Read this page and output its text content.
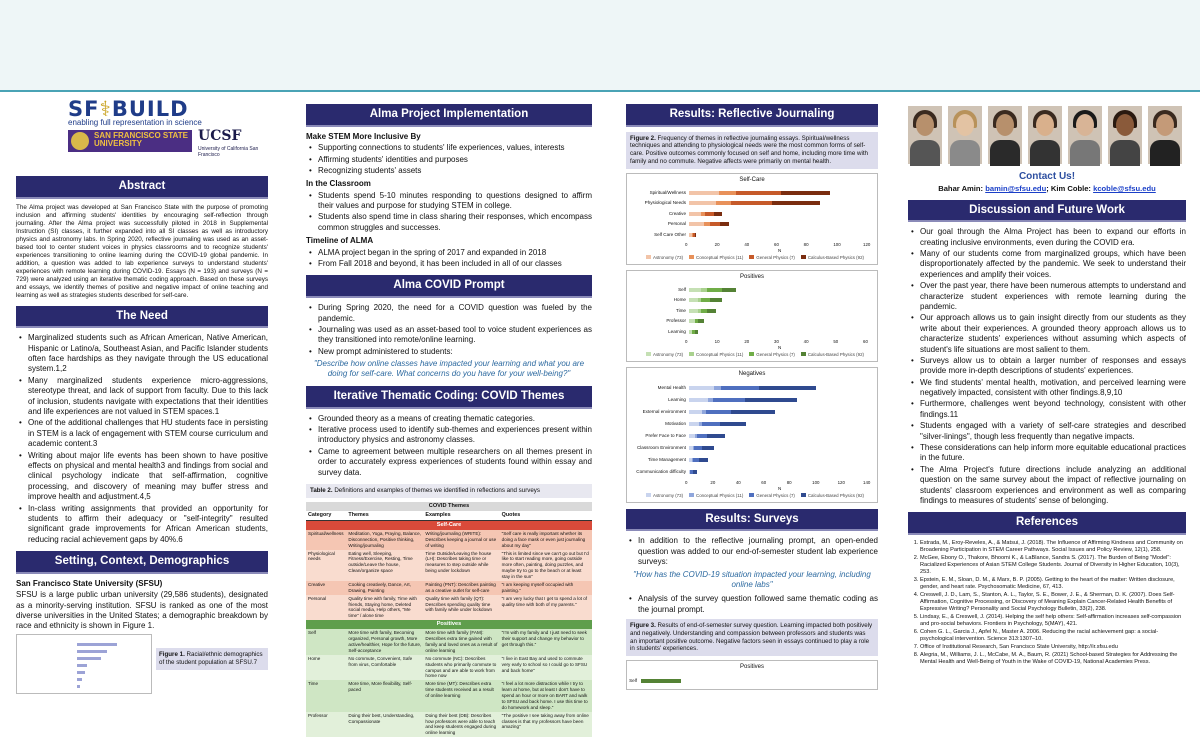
SF⚕BUILD
enabling full representation in science
SAN FRANCISCO STATE UNIVERSITY	UCSF
University of California San Francisco
Abstract

The Alma project was developed at San Francisco State with the purpose of promoting inclusion and affirming students' identities by encouraging self-reflection through journaling. After the Alma project was successfully piloted in 2018 in Supplemental Instruction (SI) classes, it further expanded into all SI classes as well as introductory physics and astronomy labs. In Spring 2020, reflective journaling was used as an asset-based tool to center student voices in physics classrooms and to recognize students' experiences transitioning to online learning during the COVID-19 global pandemic. In addition, a question was added to lab experience surveys to understand students' experiences with remote learning during COVID-19. Essays (N = 193) and surveys (N = 729) were analyzed using an iterative thematic coding approach. Based on these surveys and essays, we identify themes of positive and negative impact of online teaching and learning as well as strategies students described for self-care.

The Need
• Marginalized students such as African American, Native American, Hispanic or Latino/a, Southeast Asian, and Pacific Islander students often face hardships as they navigate through the US educational system.1,2
• Many marginalized students experience micro-aggressions, stereotype threat, and lack of support from faculty. Due to this lack of inclusion, students navigate with expectations that their identities and life experiences are not valued in STEM spaces.1
• One of the additional challenges that HU students face in persisting in STEM is a lack of engagement with STEM course curriculum and academic content.3
• Writing about major life events has been shown to have positive effects on physical and mental health3 and findings from social and clinical psychology indicate that self-affirmation, cognitive processing, and discovery of meaning may buffer stress and improve health and adjustment.4,5
• In-class writing assignments that provided an opportunity for students to affirm their adequacy or "self-integrity" resulted significant grade improvements for African American students, reducing racial achievement gaps by 40%.6
Setting, Context, Demographics
San Francisco State University (SFSU)

SFSU is a large public urban university (29,586 students), designated as a minority-serving institution. SFSU is ranked as one of the most diverse universities in the United States; a demographic breakdown by race and ethnicity is shown in Figure 1.

Figure 1. Racial/ethnic demographics of the student population at SFSU.7
Alma Project Implementation
Make STEM More Inclusive By
• Supporting connections to students' life experiences, values, interests
• Affirming students' identities and purposes
• Recognizing students' assets
In the Classroom
• Students spend 5-10 minutes responding to questions designed to affirm their values and purpose for studying STEM in college.
• Students also spend time in class sharing their responses, which encompass common struggles and successes.
Timeline of ALMA
• ALMA project began in the spring of 2017 and expanded in 2018
• From Fall 2018 and beyond, it has been included in all of our classes
Alma COVID Prompt
• During Spring 2020, the need for a COVID question was fueled by the pandemic.
• Journaling was used as an asset-based tool to voice student experiences as they transitioned into remote/online learning.
• New prompt administered to students:
"Describe how online classes have impacted your learning and what you are doing for self-care. What concerns do you have for your well-being?"
Iterative Thematic Coding: COVID Themes
• Grounded theory as a means of creating thematic categories.
• Iterative process used to identify sub-themes and experiences present within introductory physics and astronomy classes.
• Came to agreement between multiple researchers on all themes present in order to accurately express experiences of students found within essay and survey data.
Table 2. Definitions and examples of themes we identified in reflections and surveys
COVID Themes			
Category	Themes	Examples	Quotes
Self-Care			
Spiritual/wellness	Meditation, Yoga, Praying, Balance, Disconnection, Positive thinking, Writing/journaling	Writing/journaling (WRITE): Describes keeping a journal or use of writing	"Self care is really important whether its doing a face mask or even just journaling about my day"
Physiological needs	Eating well, Sleeping, Fitness/Exercise, Resting, Time outside/Leave the house, Clean/organize space	Time Outside/Leaving the house (LH): Describes taking time or measures to step outside while being under lockdown	"This is limited since we can't go out but I'd like to start reading more, going outside more often, painting, doing puzzles, and maybe try to go to the beach or at least stay in the sun"
Creative	Cooking creatively, Dance, Art, Drawing, Painting	Painting (PNT): Describes painting as a creative outlet for self-care	"I am keeping myself occupied with painting."
Personal	Quality time with family, Time with friends, Staying home, Deleted social media, Help others, "Me time" / alone time	Quality time with family (QT): Describes spending quality time with family while under lockdown	"I am very lucky that I get to spend a lot of quality time with both of my parents."
Positives			
Self	More time with family, Becoming organized, Personal growth, More active/healthier, Hope for the future, Self-acceptance	More time with family (FAM): Describes extra time gained with family and loved ones as a result of online learning	"I'm with my family and I just need to seek their support and change my behavior to get through this."
Home	No commute, Convenient, Safe from virus, Comfortable	No commute (NC): Describes students who primarily commute to campus and are able to work from home now	"I live in East Bay and used to commute very early to school so I could go to SFSU and back home"
Time	More time, More flexibility, Self-paced	More time (MT): Describes extra time students received as a result of online learning	"I feel a lot more distraction while I try to learn at home, but at least I don't have to spend an hour or more on BART and walk to SFSU and back home. I use this time to do homework and sleep."
Professor	Doing their best, Understanding, Compassionate	Doing their best (DB): Describes how professors were able to teach and keep students engaged during online learning	"The positive I see taking away from online classes is that my professors have been amazing"
Results: Reflective Journaling
Figure 2. Frequency of themes in reflective journaling essays. Spiritual/wellness techniques and attending to physiological needs were the most common forms of self-care. Positive outcomes commonly focused on self and home, including more time with family and no commute. Negative affects were primarily on mental health.
Self-Care
Spiritual/Wellness
Physiological Needs
Creative
Personal
Self Care Other
0	20	40	60	80	100	120
N
Astronomy (73)	Conceptual Physics (11)	General Physics (7)	Calculus-Based Physics (92)
Positives
Self
Home
Time
Professor
Learning
0	10	20	30	40	50	60
N
Astronomy (73)	Conceptual Physics (11)	General Physics (7)	Calculus-Based Physics (92)
Negatives
Mental Health
Learning
External environment
Motivation
Prefer Face to Face
Classroom Environment
Time Management
Communication difficulty
0	20	40	60	80	100	120	140
N
Astronomy (73)	Conceptual Physics (11)	General Physics (7)	Calculus-Based Physics (92)
Results: Surveys
• In addition to the reflective journaling prompt, an open-ended question was added to our end-of-semester student lab experience surveys:
"How has the COVID-19 situation impacted your learning, including online labs"
• Analysis of the survey question followed same thematic coding as the journal prompt.
Figure 3. Results of end-of-semester survey question. Learning impacted both positively and negatively. Understanding and compassion between professors and students was an important positive outcome. Negative factors seen in essays continued to play a role in students' experiences.
Positives
Self
Contact Us!
Bahar Amin: bamin@sfsu.edu; Kim Coble: kcoble@sfsu.edu
Discussion and Future Work
• Our goal through the Alma Project has been to expand our efforts in creating inclusive environments, even during the COVID era.
• Many of our students come from marginalized groups, which have been disproportionately affected by the pandemic. We seek to understand their experiences and amplify their voices.
• Over the past year, there have been numerous attempts to understand and characterize student experiences with remote learning during the pandemic.
• Our approach allows us to gain insight directly from our students as they write about their experiences. A grounded theory approach allows us to characterize students' experiences without assuming which aspects of student's life situations are most salient to them.
• Surveys allow us to obtain a larger number of responses and essays provide more in-depth descriptions of students' experiences.
• We find students' mental health, motivation, and perceived learning were negatively impacted, consistent with other findings.8,9,10
• Furthermore, challenges went beyond technology, consistent with other findings.11
• Students engaged with a variety of self-care strategies and described "silver-linings", though less frequently than negative impacts.
• These considerations can help inform more equitable educational practices in the future.
• The Alma Project's future directions include analyzing an additional question on the same survey about the impact of reflective journaling on students' classroom experiences and environment as well as comparing findings to measures of students' sense of belonging.
References
1. Estrada, M., Eroy-Reveles, A., & Matsui, J. (2018). The Influence of Affirming Kindness and Community on Broadening Participation in STEM Career Pathways. Social Issues and Policy Review, 12(1), 258.
2. McGee, Ebony O., Thakore, Bhoomi K., & LaBlance, Sandra S. (2017). The Burden of Being "Model": Racialized Experiences of Asian STEM College Students. Journal of Diversity in Higher Education, 10(3), 253.
3. Epstein, E. M., Sloan, D. M., & Marx, B. P. (2005). Getting to the heart of the matter: Written disclosure, gender, and heart rate. Psychosomatic Medicine, 67, 413.
4. Creswell, J. D., Lam, S., Stanton, A. L., Taylor, S. E., Bower, J. E., & Sherman, D. K. (2007). Does Self-Affirmation, Cognitive Processing, or Discovery of Meaning Explain Cancer-Related Health Benefits of Expressive Writing? Personality and Social Psychology Bulletin, 33(2), 238.
5. Lindsay, E., & Creswell, J. (2014). Helping the self help others: Self-affirmation increases self-compassion and pro-social behaviors. Frontiers in Psychology, 5(MAY), 421.
6. Cohen G. L., Garcia J., Apfel N., Master A. 2006. Reducing the racial achievement gap: a social-psychological intervention. Science 313:1307–10.
7. Office of Institutional Research, San Francisco State University, http://ir.sfsu.edu
8. Alegria, M., Williams, J. L., McCabe, M. A., Baum, R. (2021) School-based Strategies for Addressing the Mental Health and Well-Being of Youth in the Wake of COVID-19, National Academies Press.
